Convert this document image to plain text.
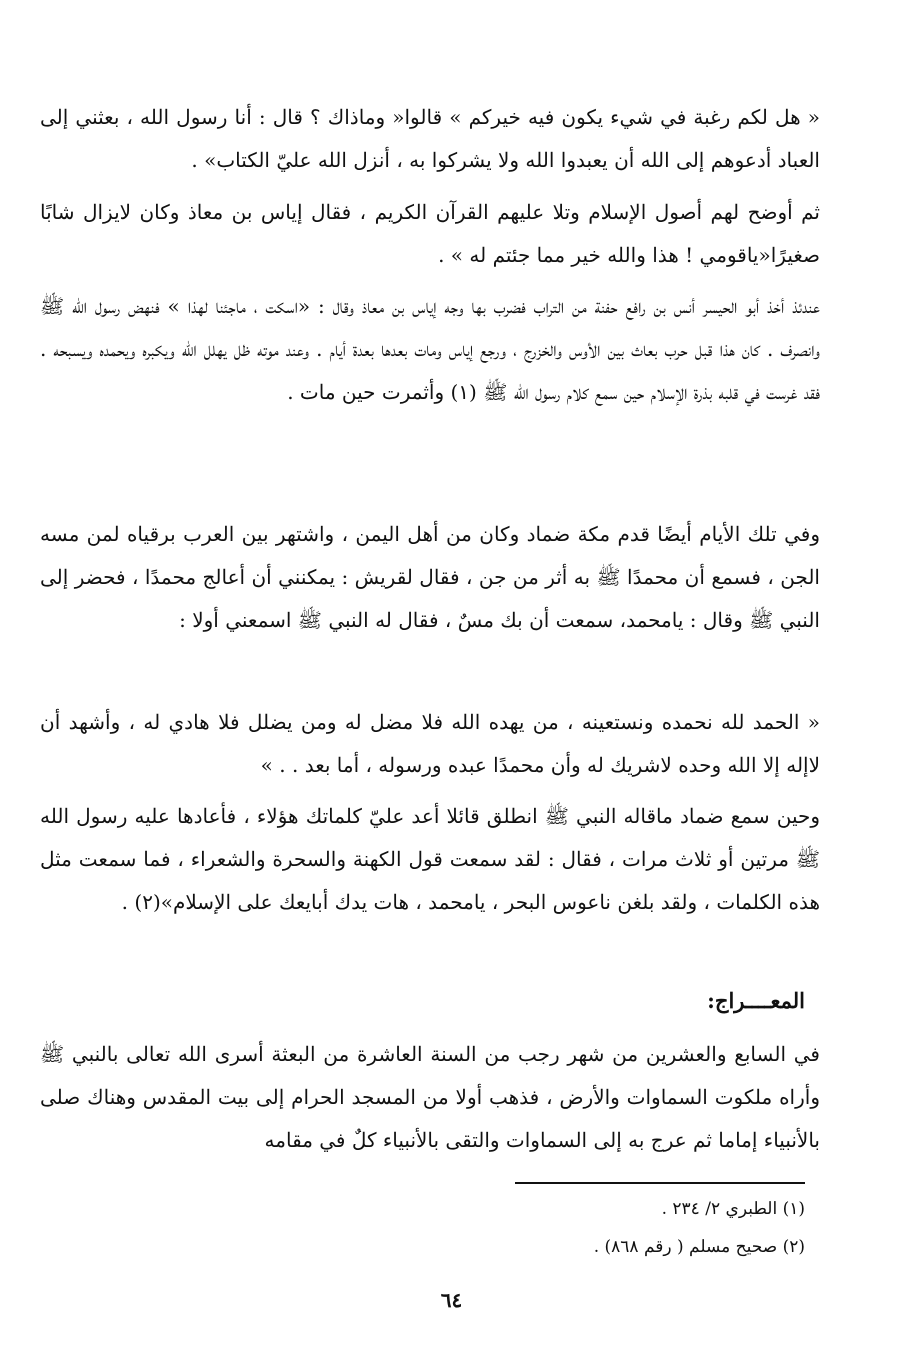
« هل لكم رغبة في شيء يكون فيه خيركم » قالوا« وماذاك ؟ قال : أنا رسول الله ، بعثني إلى العباد أدعوهم إلى الله أن يعبدوا الله ولا يشركوا به ، أنزل الله عليّ الكتاب» .

ثم أوضح لهم أصول الإسلام وتلا عليهم القرآن الكريم ، فقال إياس بن معاذ وكان لايزال شابًا صغيرًا«ياقومي ! هذا والله خير مما جئتم له » .

عندئذ أخذ أبو الحيسر أنس بن رافع حفنة من التراب فضرب بها وجه إياس بن معاذ وقال : «اسكت ، ماجئنا لهذا » فنهض رسول الله ﷺ وانصرف . كان هذا قبل حرب بعاث بين الأوس والخزرج ، ورجع إياس ومات بعدها بعدة أيام . وعند موته ظل يهلل الله ويكبره ويحمده ويسبحه . فقد غرست في قلبه بذرة الإسلام حين سمع كلام رسول الله ﷺ (١) وأثمرت حين مات .

وفي تلك الأيام أيضًا قدم مكة ضماد وكان من أهل اليمن ، واشتهر بين العرب برقياه لمن مسه الجن ، فسمع أن محمدًا ﷺ به أثر من جن ، فقال لقريش : يمكنني أن أعالج محمدًا ، فحضر إلى النبي ﷺ وقال : يامحمد، سمعت أن بك مسٌ ، فقال له النبي ﷺ اسمعني أولا :

« الحمد لله نحمده ونستعينه ، من يهده الله فلا مضل له ومن يضلل فلا هادي له ، وأشهد أن لاإله إلا الله وحده لاشريك له وأن محمدًا عبده ورسوله ، أما بعد . . »

وحين سمع ضماد ماقاله النبي ﷺ انطلق قائلا أعد عليّ كلماتك هؤلاء ، فأعادها عليه رسول الله ﷺ مرتين أو ثلاث مرات ، فقال : لقد سمعت قول الكهنة والسحرة والشعراء ، فما سمعت مثل هذه الكلمات ، ولقد بلغن ناعوس البحر ، يامحمد ، هات يدك أبايعك على الإسلام»(٢) .

المعــــراج:

في السابع والعشرين من شهر رجب من السنة العاشرة من البعثة أسرى الله تعالى بالنبي ﷺ وأراه ملكوت السماوات والأرض ، فذهب أولا من المسجد الحرام إلى بيت المقدس وهناك صلى بالأنبياء إماما ثم عرج به إلى السماوات والتقى بالأنبياء كلٌ في مقامه

(١) الطبري ٢/ ٢٣٤ .
(٢) صحيح مسلم ( رقم ٨٦٨) .
٦٤
